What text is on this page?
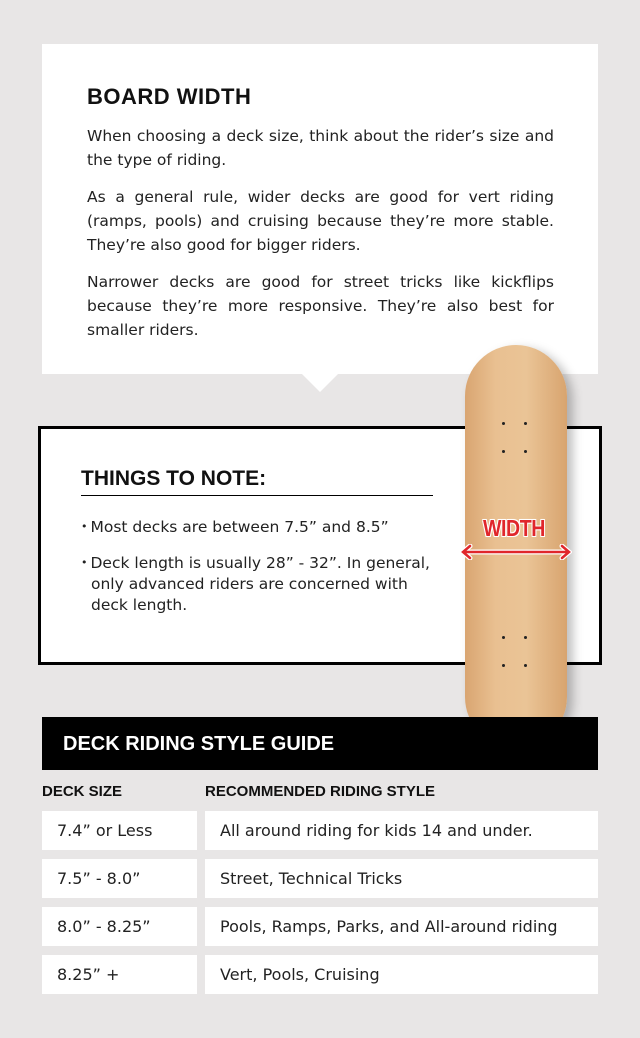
BOARD WIDTH

When choosing a deck size, think about the rider’s size and the type of riding.

As a general rule, wider decks are good for vert riding (ramps, pools) and cruising because they’re more stable. They’re also good for bigger riders.

Narrower decks are good for street tricks like kickflips because they’re more responsive. They’re also best for smaller riders.

THINGS TO NOTE:
• Most decks are between 7.5” and 8.5”
• Deck length is usually 28” - 32”. In general, only advanced riders are concerned with deck length.
WIDTH
DECK RIDING STYLE GUIDE
DECK SIZE	RECOMMENDED RIDING STYLE
7.4” or Less	All around riding for kids 14 and under.
7.5” - 8.0”	Street, Technical Tricks
8.0” - 8.25”	Pools, Ramps, Parks, and All-around riding
8.25” +	Vert, Pools, Cruising
